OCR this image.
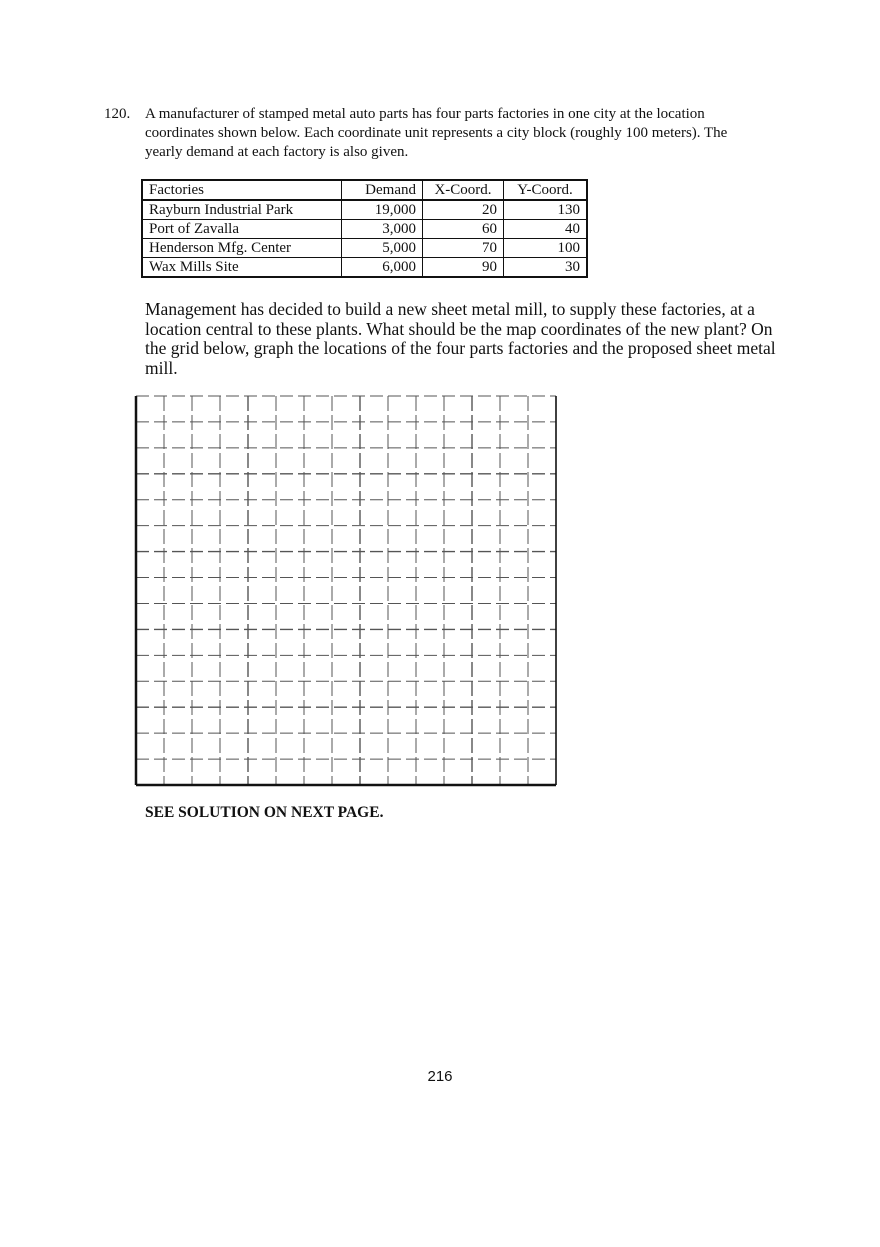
120. A manufacturer of stamped metal auto parts has four parts factories in one city at the location coordinates shown below. Each coordinate unit represents a city block (roughly 100 meters). The yearly demand at each factory is also given.
Factories	Demand	X-Coord.	Y-Coord.
Rayburn Industrial Park	19,000	20	130
Port of Zavalla	3,000	60	40
Henderson Mfg. Center	5,000	70	100
Wax Mills Site	6,000	90	30
Management has decided to build a new sheet metal mill, to supply these factories, at a location central to these plants. What should be the map coordinates of the new plant? On the grid below, graph the locations of the four parts factories and the proposed sheet metal mill.
SEE SOLUTION ON NEXT PAGE.
216
